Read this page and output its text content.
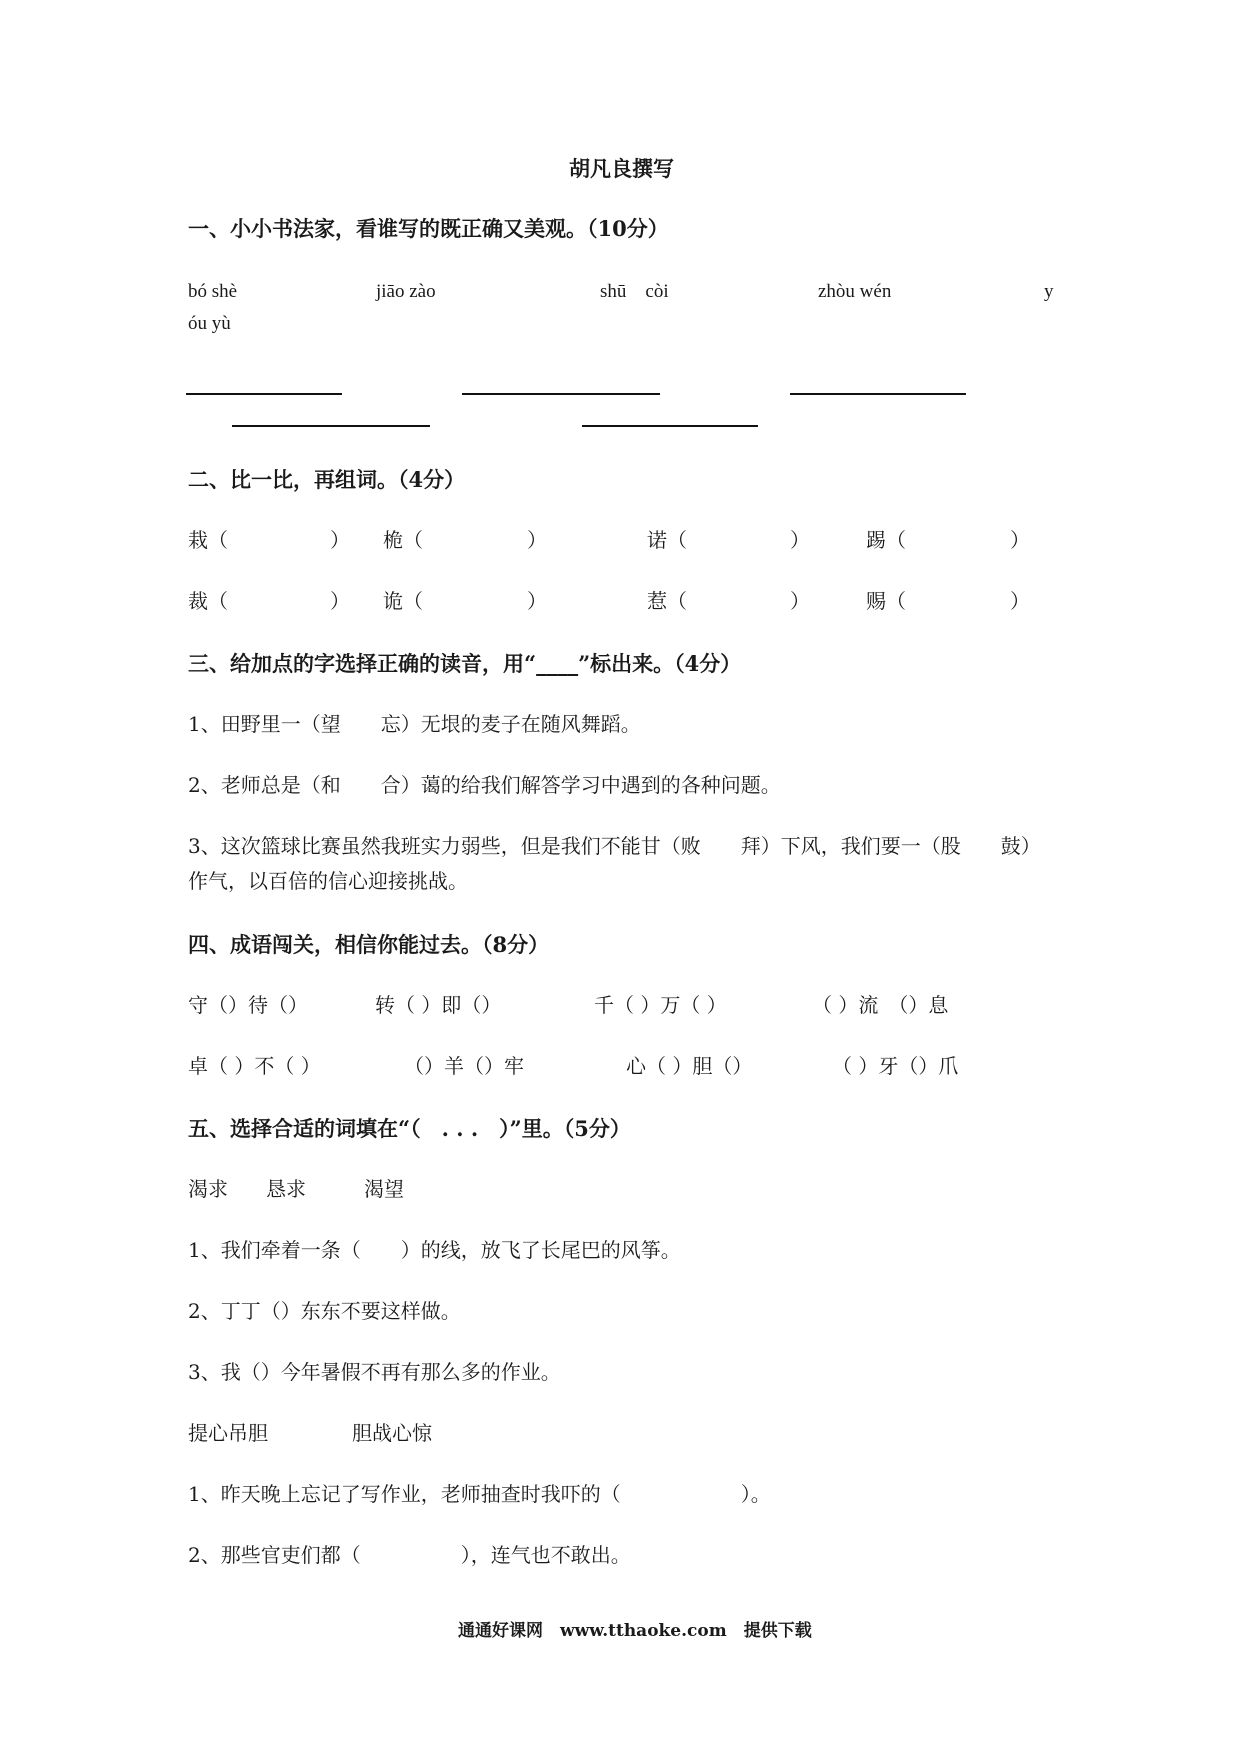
胡凡良撰写
一、小小书法家，看谁写的既正确又美观。（10分）
bó shè	jiāo zào	shū　còi	zhòu wén	y
óu yù
二、比一比，再组词。（4分）
栽（	） 桅（	）	诺（	）	踢（	）
裁（	） 诡（	）	惹（	）	赐（	）
三、给加点的字选择正确的读音，用“____”标出来。（4分）
1、田野里一（望　　忘）无垠的麦子在随风舞蹈。
2、老师总是（和　　合）蔼的给我们解答学习中遇到的各种问题。
3、这次篮球比赛虽然我班实力弱些，但是我们不能甘（败　　拜）下风，我们要一（股　　鼓）
作气，以百倍的信心迎接挑战。
四、成语闯关，相信你能过去。（8分）
守（）待（）	转（ ）即（）	千（ ）万（ ）	（ ）流　（）息
卓（ ）不（ ）	（）羊（）牢	心（ ）胆（）	（ ）牙（）爪
五、选择合适的词填在“（　. . .　）”里。（5分）
渴求 恳求	渴望
1、我们牵着一条（　　）的线，放飞了长尾巴的风筝。
2、丁丁（）东东不要这样做。
3、我（）今年暑假不再有那么多的作业。
提心吊胆	胆战心惊
1、昨天晚上忘记了写作业，老师抽查时我吓的（　　　　　　）。
2、那些官吏们都（　　　　　），连气也不敢出。
通通好课网　www.tthaoke.com　提供下载
